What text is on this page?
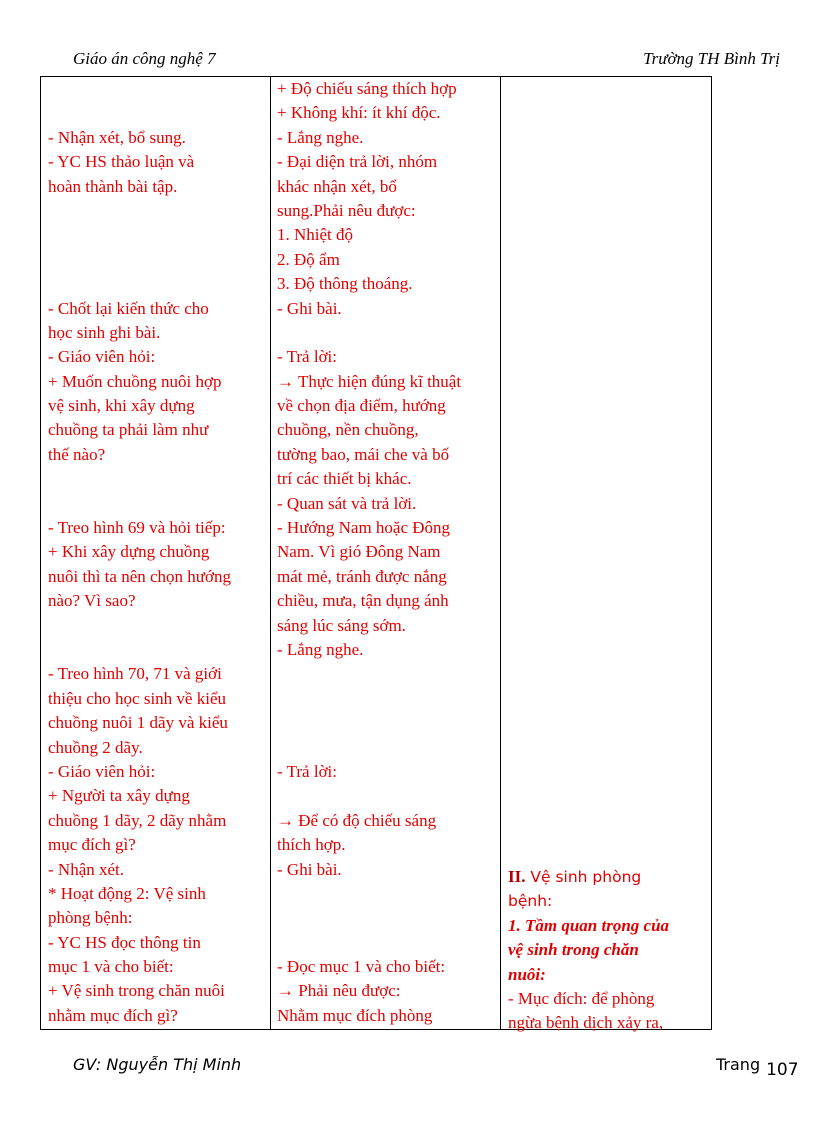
Giáo án công nghệ 7	Trường TH Bình Trị
- Nhận xét, bổ sung.
- YC HS thảo luận và
hoàn thành bài tập.
- Chốt lại kiến thức cho
học sinh ghi bài.
- Giáo viên hỏi:
+ Muốn chuồng nuôi hợp
vệ sinh, khi xây dựng
chuồng ta phải làm như
thế nào?
- Treo hình 69 và hỏi tiếp:
+ Khi xây dựng chuồng
nuôi thì ta nên chọn hướng
nào? Vì sao?
- Treo hình 70, 71 và giới
thiệu cho học sinh về kiểu
chuồng nuôi 1 dãy và kiểu
chuồng 2 dãy.
- Giáo viên hỏi:
+ Người ta xây dựng
chuồng 1 dãy, 2 dãy nhằm
mục đích gì?
- Nhận xét.
* Hoạt động 2: Vệ sinh
phòng bệnh:
- YC HS đọc thông tin
mục 1 và cho biết:
+ Vệ sinh trong chăn nuôi
nhằm mục đích gì?
+ Độ chiếu sáng thích hợp
+ Không khí: ít khí độc.
- Lắng nghe.
- Đại diện trả lời, nhóm
khác nhận xét, bổ
sung.Phải nêu được:
1. Nhiệt độ
2. Độ ẩm
3. Độ thông thoáng.
- Ghi bài.
- Trả lời:
→ Thực hiện đúng kĩ thuật
về chọn địa điểm, hướng
chuồng, nền chuồng,
tường bao, mái che và bố
trí các thiết bị khác.
- Quan sát và trả lời.
- Hướng Nam hoặc Đông
Nam. Vì gió Đông Nam
mát mẻ, tránh được nắng
chiều, mưa, tận dụng ánh
sáng lúc sáng sớm.
- Lắng nghe.
- Trả lời:
→ Để có độ chiếu sáng
thích hợp.
- Ghi bài.
- Đọc mục 1 và cho biết:
→ Phải nêu được:
Nhằm mục đích phòng
II. Vệ sinh phòng
bệnh:
1. Tầm quan trọng của
vệ sinh trong chăn
nuôi:
- Mục đích: để phòng
ngừa bệnh dịch xảy ra,
GV: Nguyễn Thị Minh	Trang 107
